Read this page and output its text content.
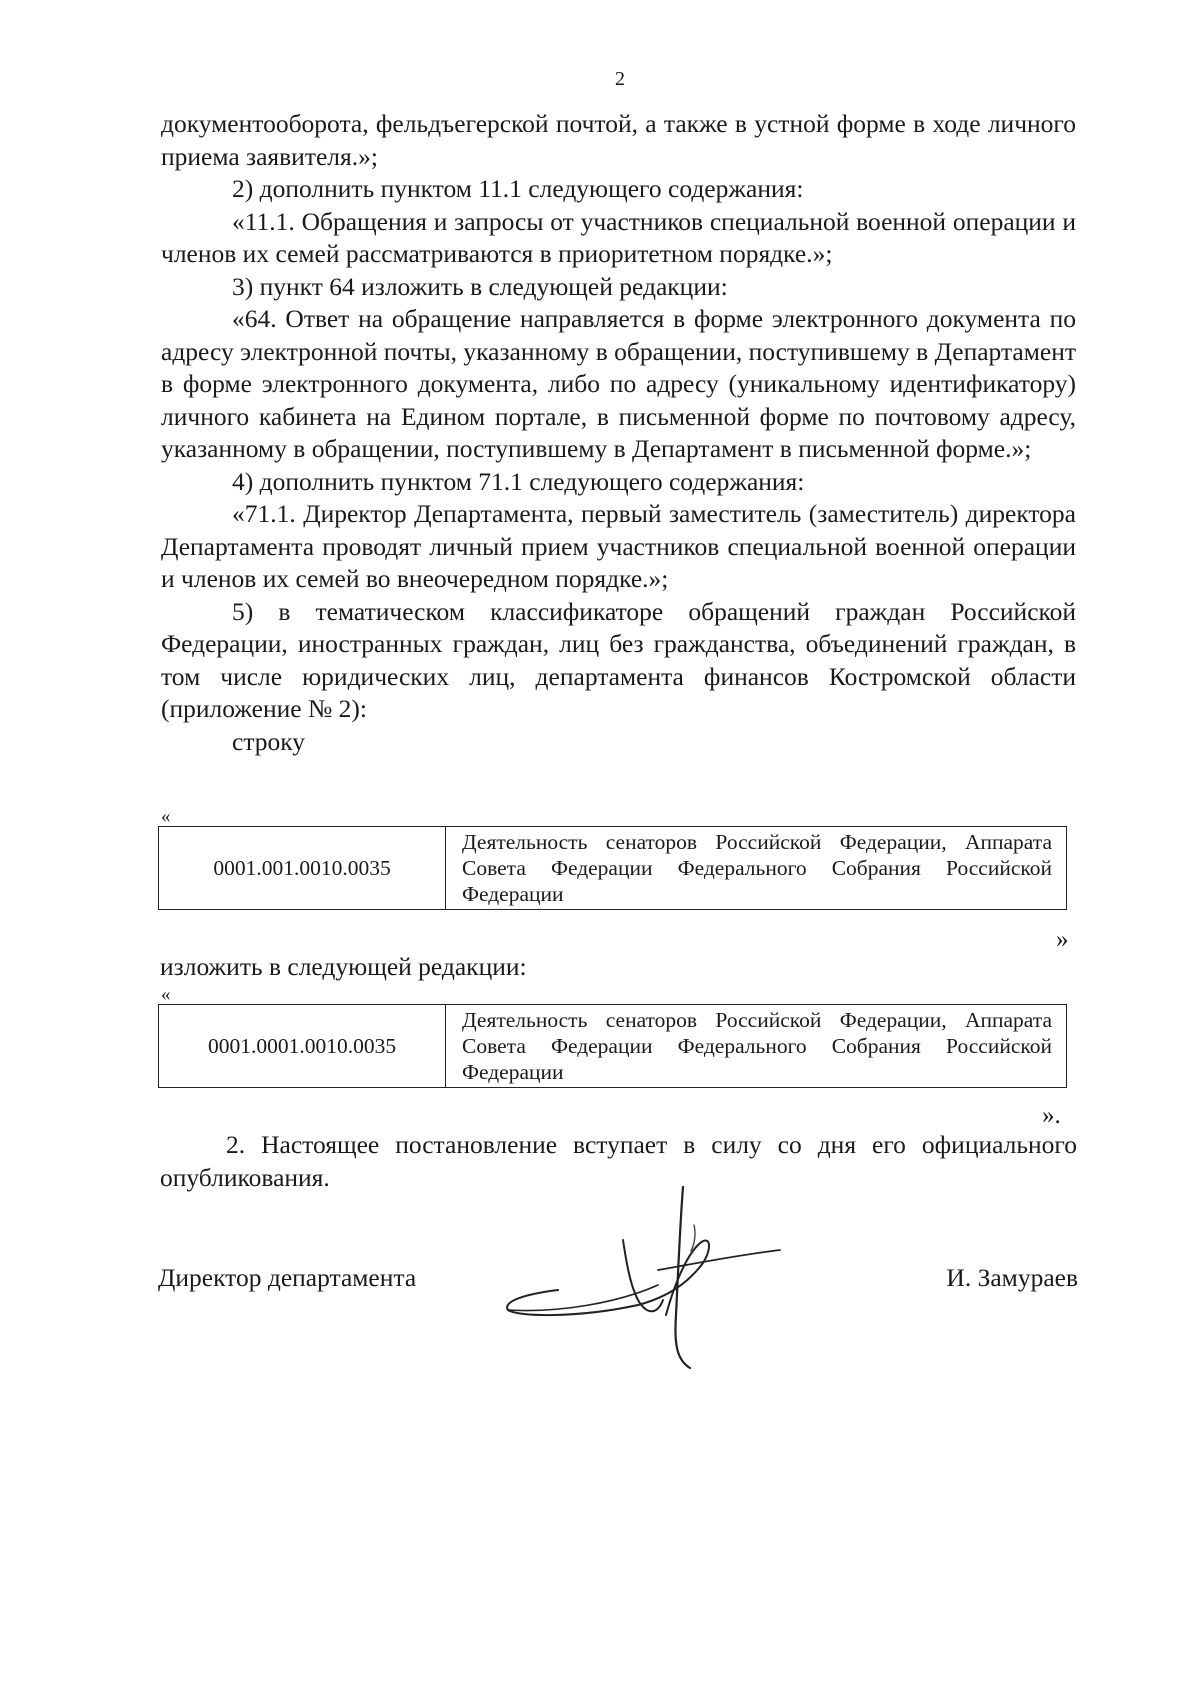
2

документооборота, фельдъегерской почтой, а также в устной форме в ходе личного приема заявителя.»;

2) дополнить пунктом 11.1 следующего содержания:

«11.1. Обращения и запросы от участников специальной военной операции и членов их семей рассматриваются в приоритетном порядке.»;

3) пункт 64 изложить в следующей редакции:

«64. Ответ на обращение направляется в форме электронного документа по адресу электронной почты, указанному в обращении, поступившему в Департамент в форме электронного документа, либо по адресу (уникальному идентификатору) личного кабинета на Едином портале, в письменной форме по почтовому адресу, указанному в обращении, поступившему в Департамент в письменной форме.»;

4) дополнить пунктом 71.1 следующего содержания:

«71.1. Директор Департамента, первый заместитель (заместитель) директора Департамента проводят личный прием участников специальной военной операции и членов их семей во внеочередном порядке.»;

5) в тематическом классификаторе обращений граждан Российской Федерации, иностранных граждан, лиц без гражданства, объединений граждан, в том числе юридических лиц, департамента финансов Костромской области (приложение № 2):

строку

«
0001.001.0010.0035	Деятельность сенаторов Российской Федерации, Аппарата Совета Федерации Федерального Собрания Российской Федерации
»

изложить в следующей редакции:

«
0001.0001.0010.0035	Деятельность сенаторов Российской Федерации, Аппарата Совета Федерации Федерального Собрания Российской Федерации
».

2. Настоящее постановление вступает в силу со дня его официального опубликования.

Директор департамента	И. Замураев
